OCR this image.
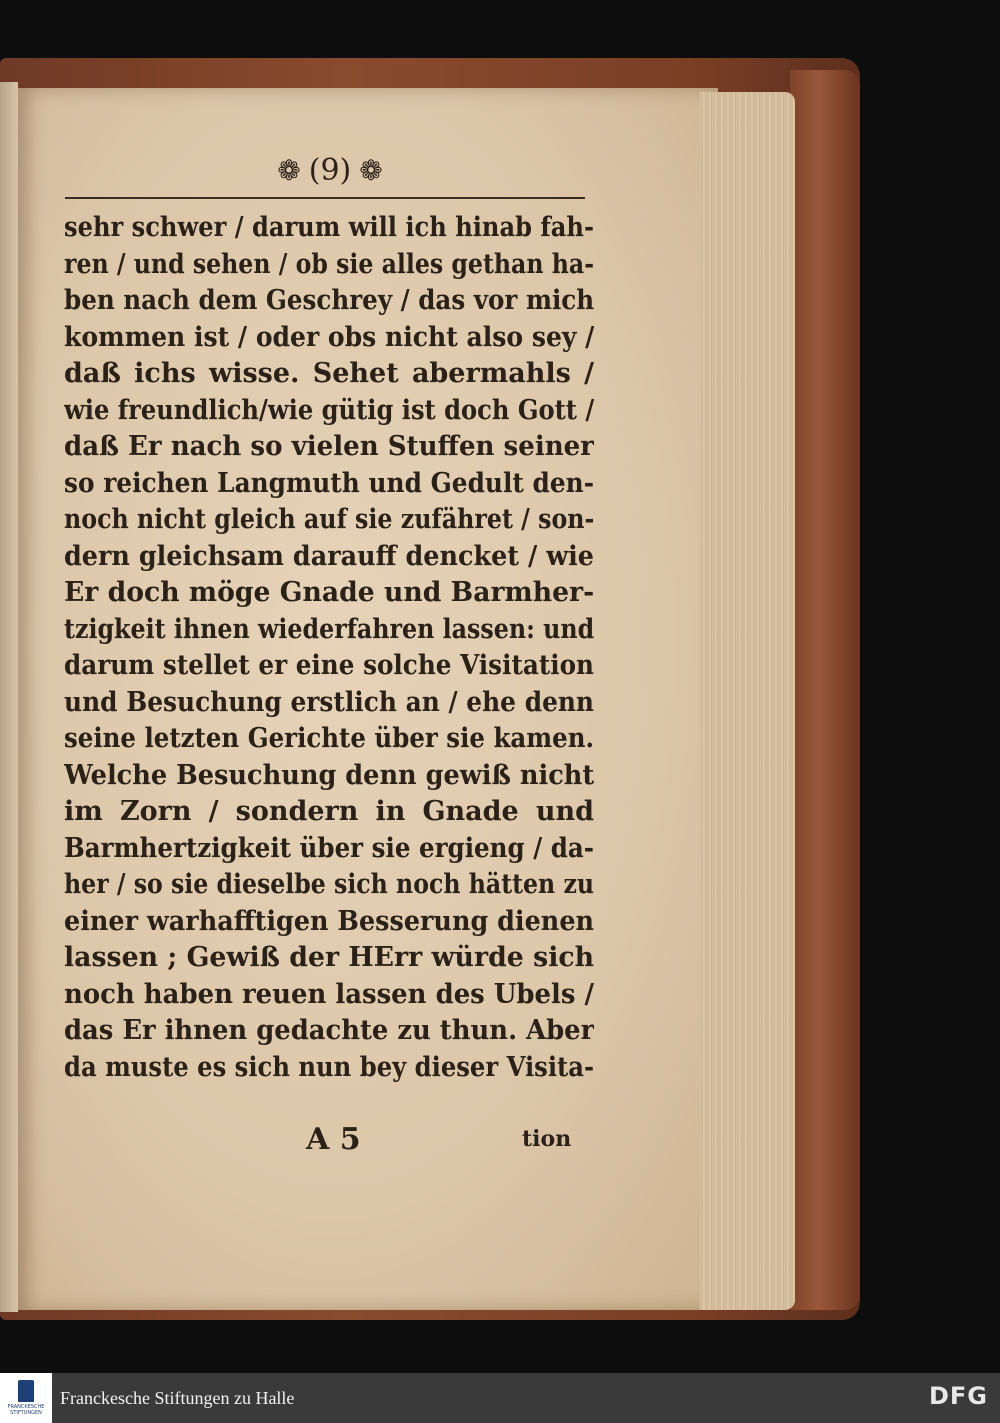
❁ (9) ❁
sehr schwer / darum will ich hinab fah-
ren / und sehen / ob sie alles gethan ha-
ben nach dem Geschrey / das vor mich
kommen ist / oder obs nicht also sey /
daß ichs wisse. Sehet abermahls /
wie freundlich/wie gütig ist doch Gott /
daß Er nach so vielen Stuffen seiner
so reichen Langmuth und Gedult den-
noch nicht gleich auf sie zufähret / son-
dern gleichsam darauff dencket / wie
Er doch möge Gnade und Barmher-
tzigkeit ihnen wiederfahren lassen: und
darum stellet er eine solche Visitation
und Besuchung erstlich an / ehe denn
seine letzten Gerichte über sie kamen.
Welche Besuchung denn gewiß nicht
im Zorn / sondern in Gnade und
Barmhertzigkeit über sie ergieng / da-
her / so sie dieselbe sich noch hätten zu
einer warhafftigen Besserung dienen
lassen ; Gewiß der HErr würde sich
noch haben reuen lassen des Ubels /
das Er ihnen gedachte zu thun. Aber
da muste es sich nun bey dieser Visita-
A 5	tion
FRANCKESCHE STIFTUNGEN
Franckesche Stiftungen zu Halle	DFG
